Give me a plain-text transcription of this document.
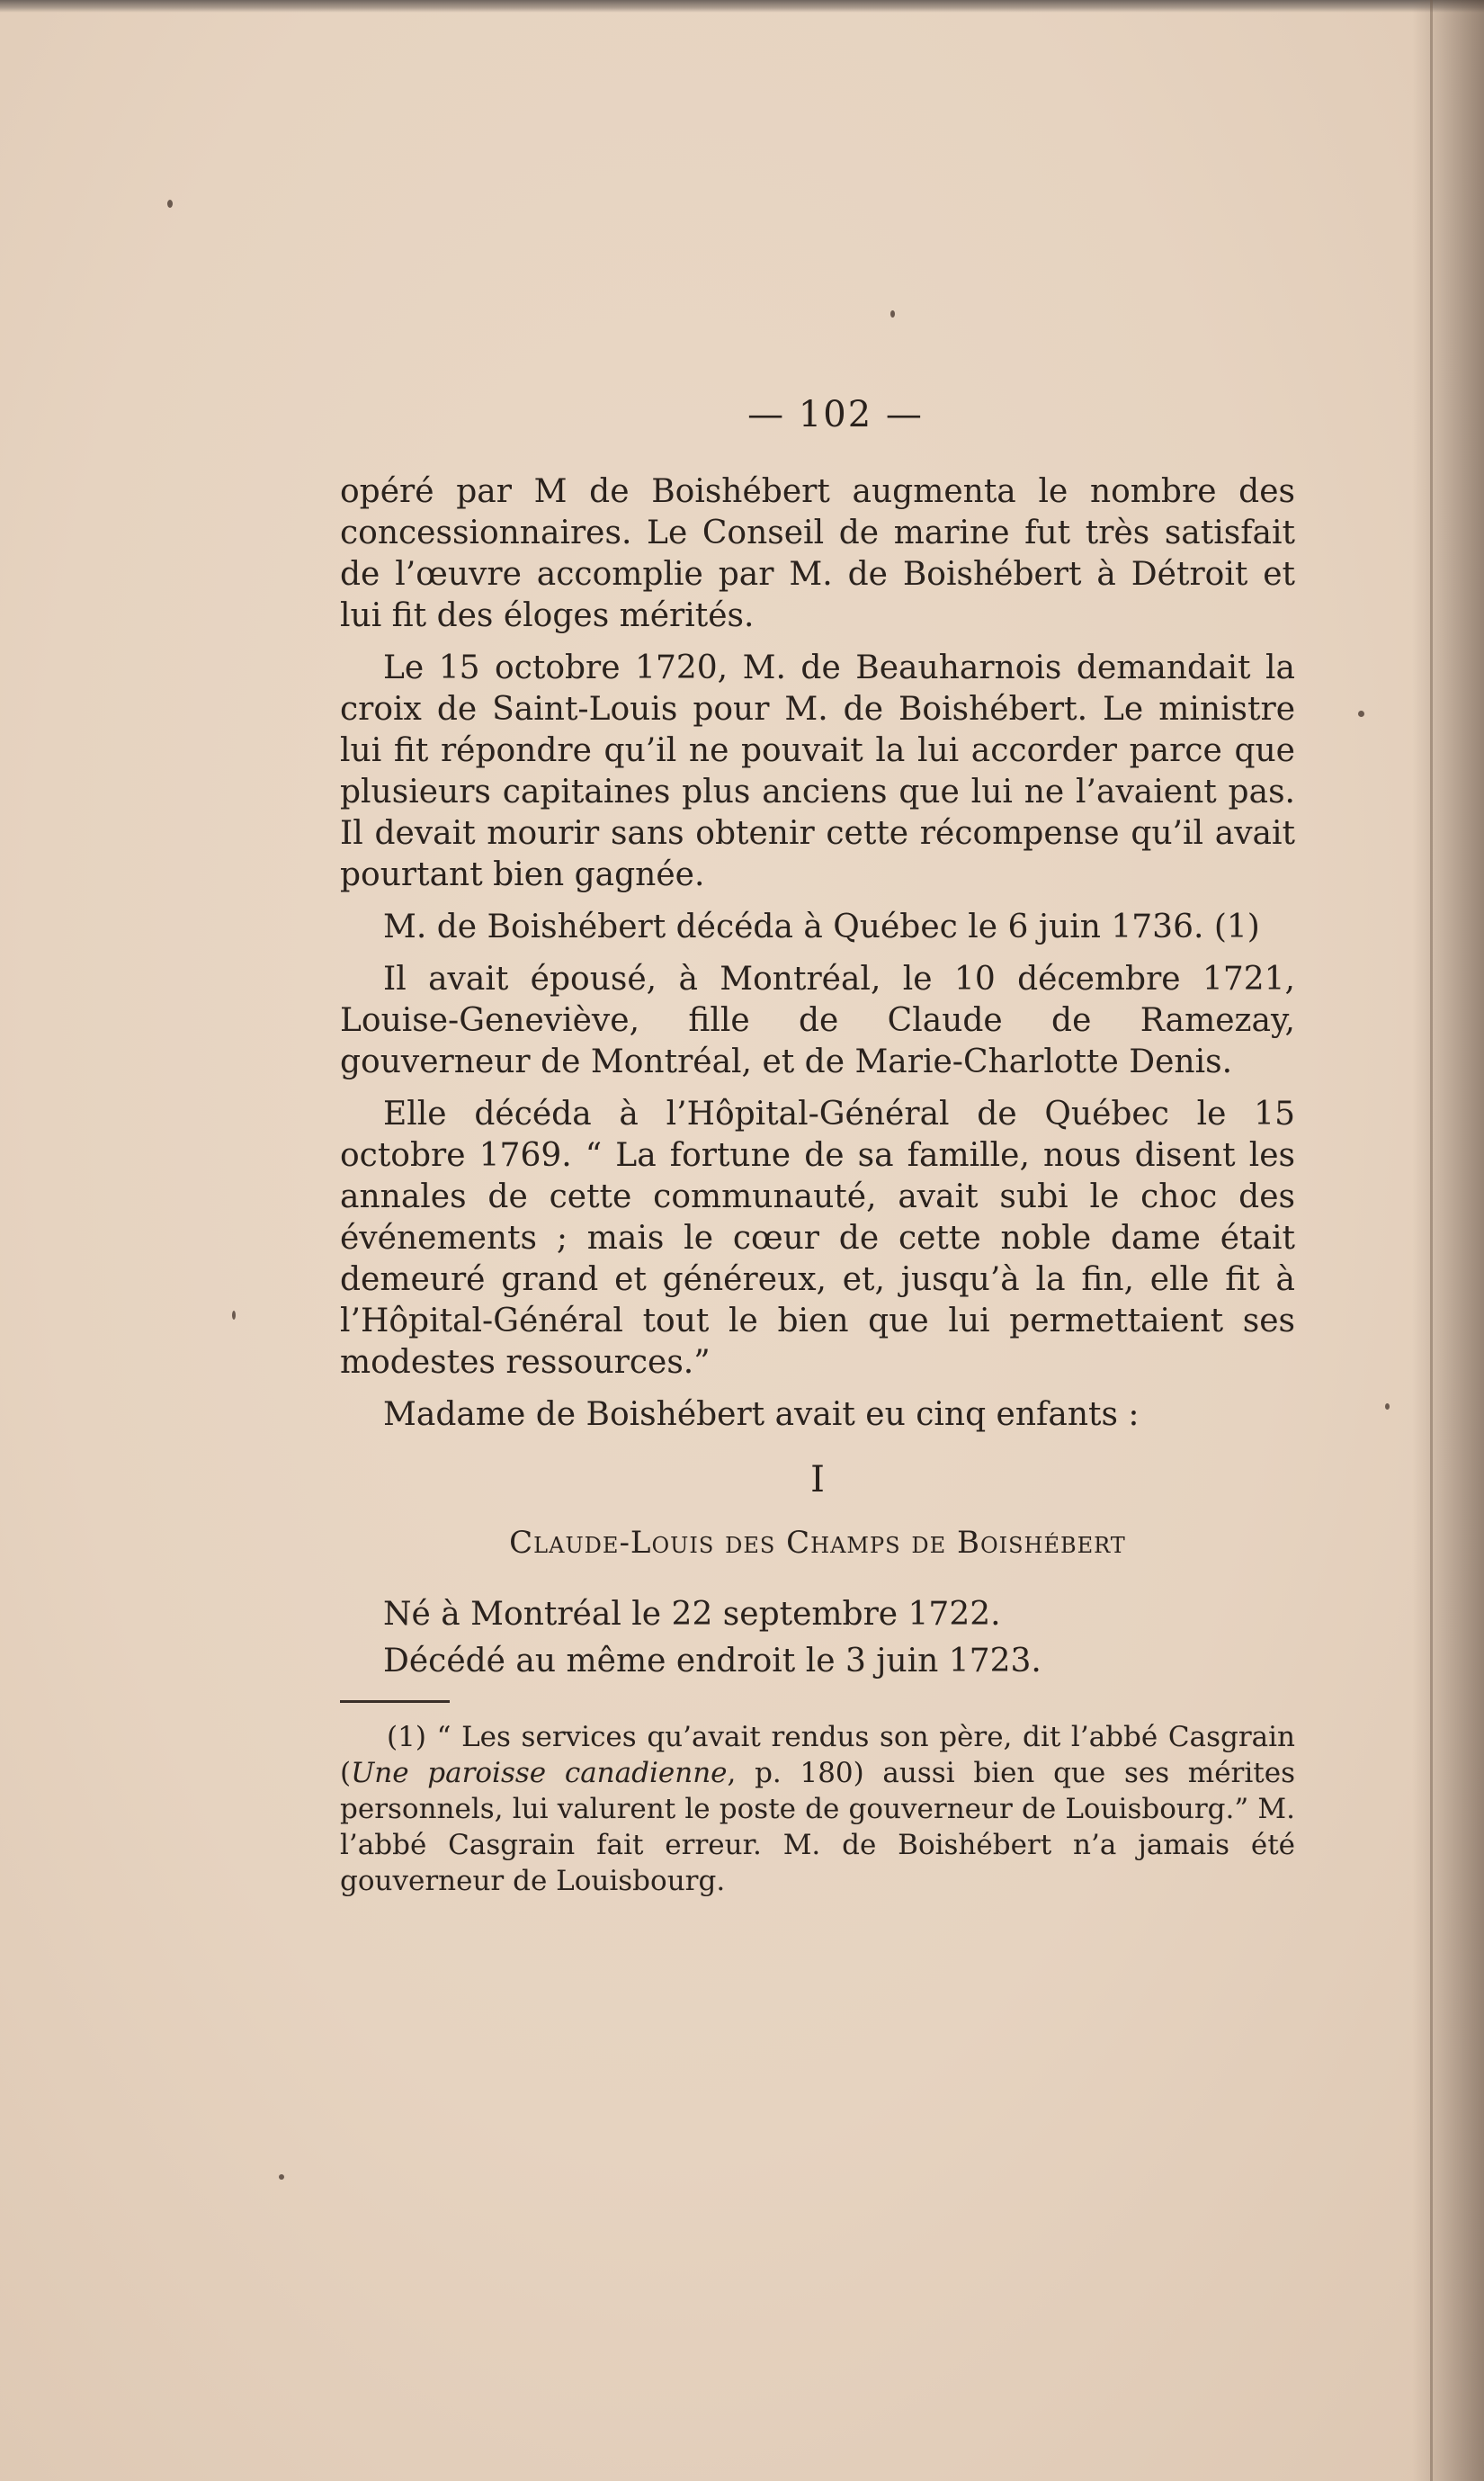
— 102 —

opéré par M de Boishébert augmenta le nombre des concessionnaires. Le Conseil de marine fut très satisfait de l’œuvre accomplie par M. de Boishébert à Détroit et lui fit des éloges mérités.

Le 15 octobre 1720, M. de Beauharnois demandait la croix de Saint-Louis pour M. de Boishébert. Le ministre lui fit répondre qu’il ne pouvait la lui accorder parce que plusieurs capitaines plus anciens que lui ne l’avaient pas. Il devait mourir sans obtenir cette récompense qu’il avait pourtant bien gagnée.

M. de Boishébert décéda à Québec le 6 juin 1736. (1)

Il avait épousé, à Montréal, le 10 décembre 1721, Louise-Geneviève, fille de Claude de Ramezay, gouverneur de Montréal, et de Marie-Charlotte Denis.

Elle décéda à l’Hôpital-Général de Québec le 15 octobre 1769. “ La fortune de sa famille, nous disent les annales de cette communauté, avait subi le choc des événements ; mais le cœur de cette noble dame était demeuré grand et généreux, et, jusqu’à la fin, elle fit à l’Hôpital-Général tout le bien que lui permettaient ses modestes ressources.”

Madame de Boishébert avait eu cinq enfants :

I
Claude-Louis des Champs de Boishébert
Né à Montréal le 22 septembre 1722.
Décédé au même endroit le 3 juin 1723.

(1) “ Les services qu’avait rendus son père, dit l’abbé Casgrain (Une paroisse canadienne, p. 180) aussi bien que ses mérites personnels, lui valurent le poste de gouverneur de Louisbourg.” M. l’abbé Casgrain fait erreur. M. de Boishébert n’a jamais été gouverneur de Louisbourg.
